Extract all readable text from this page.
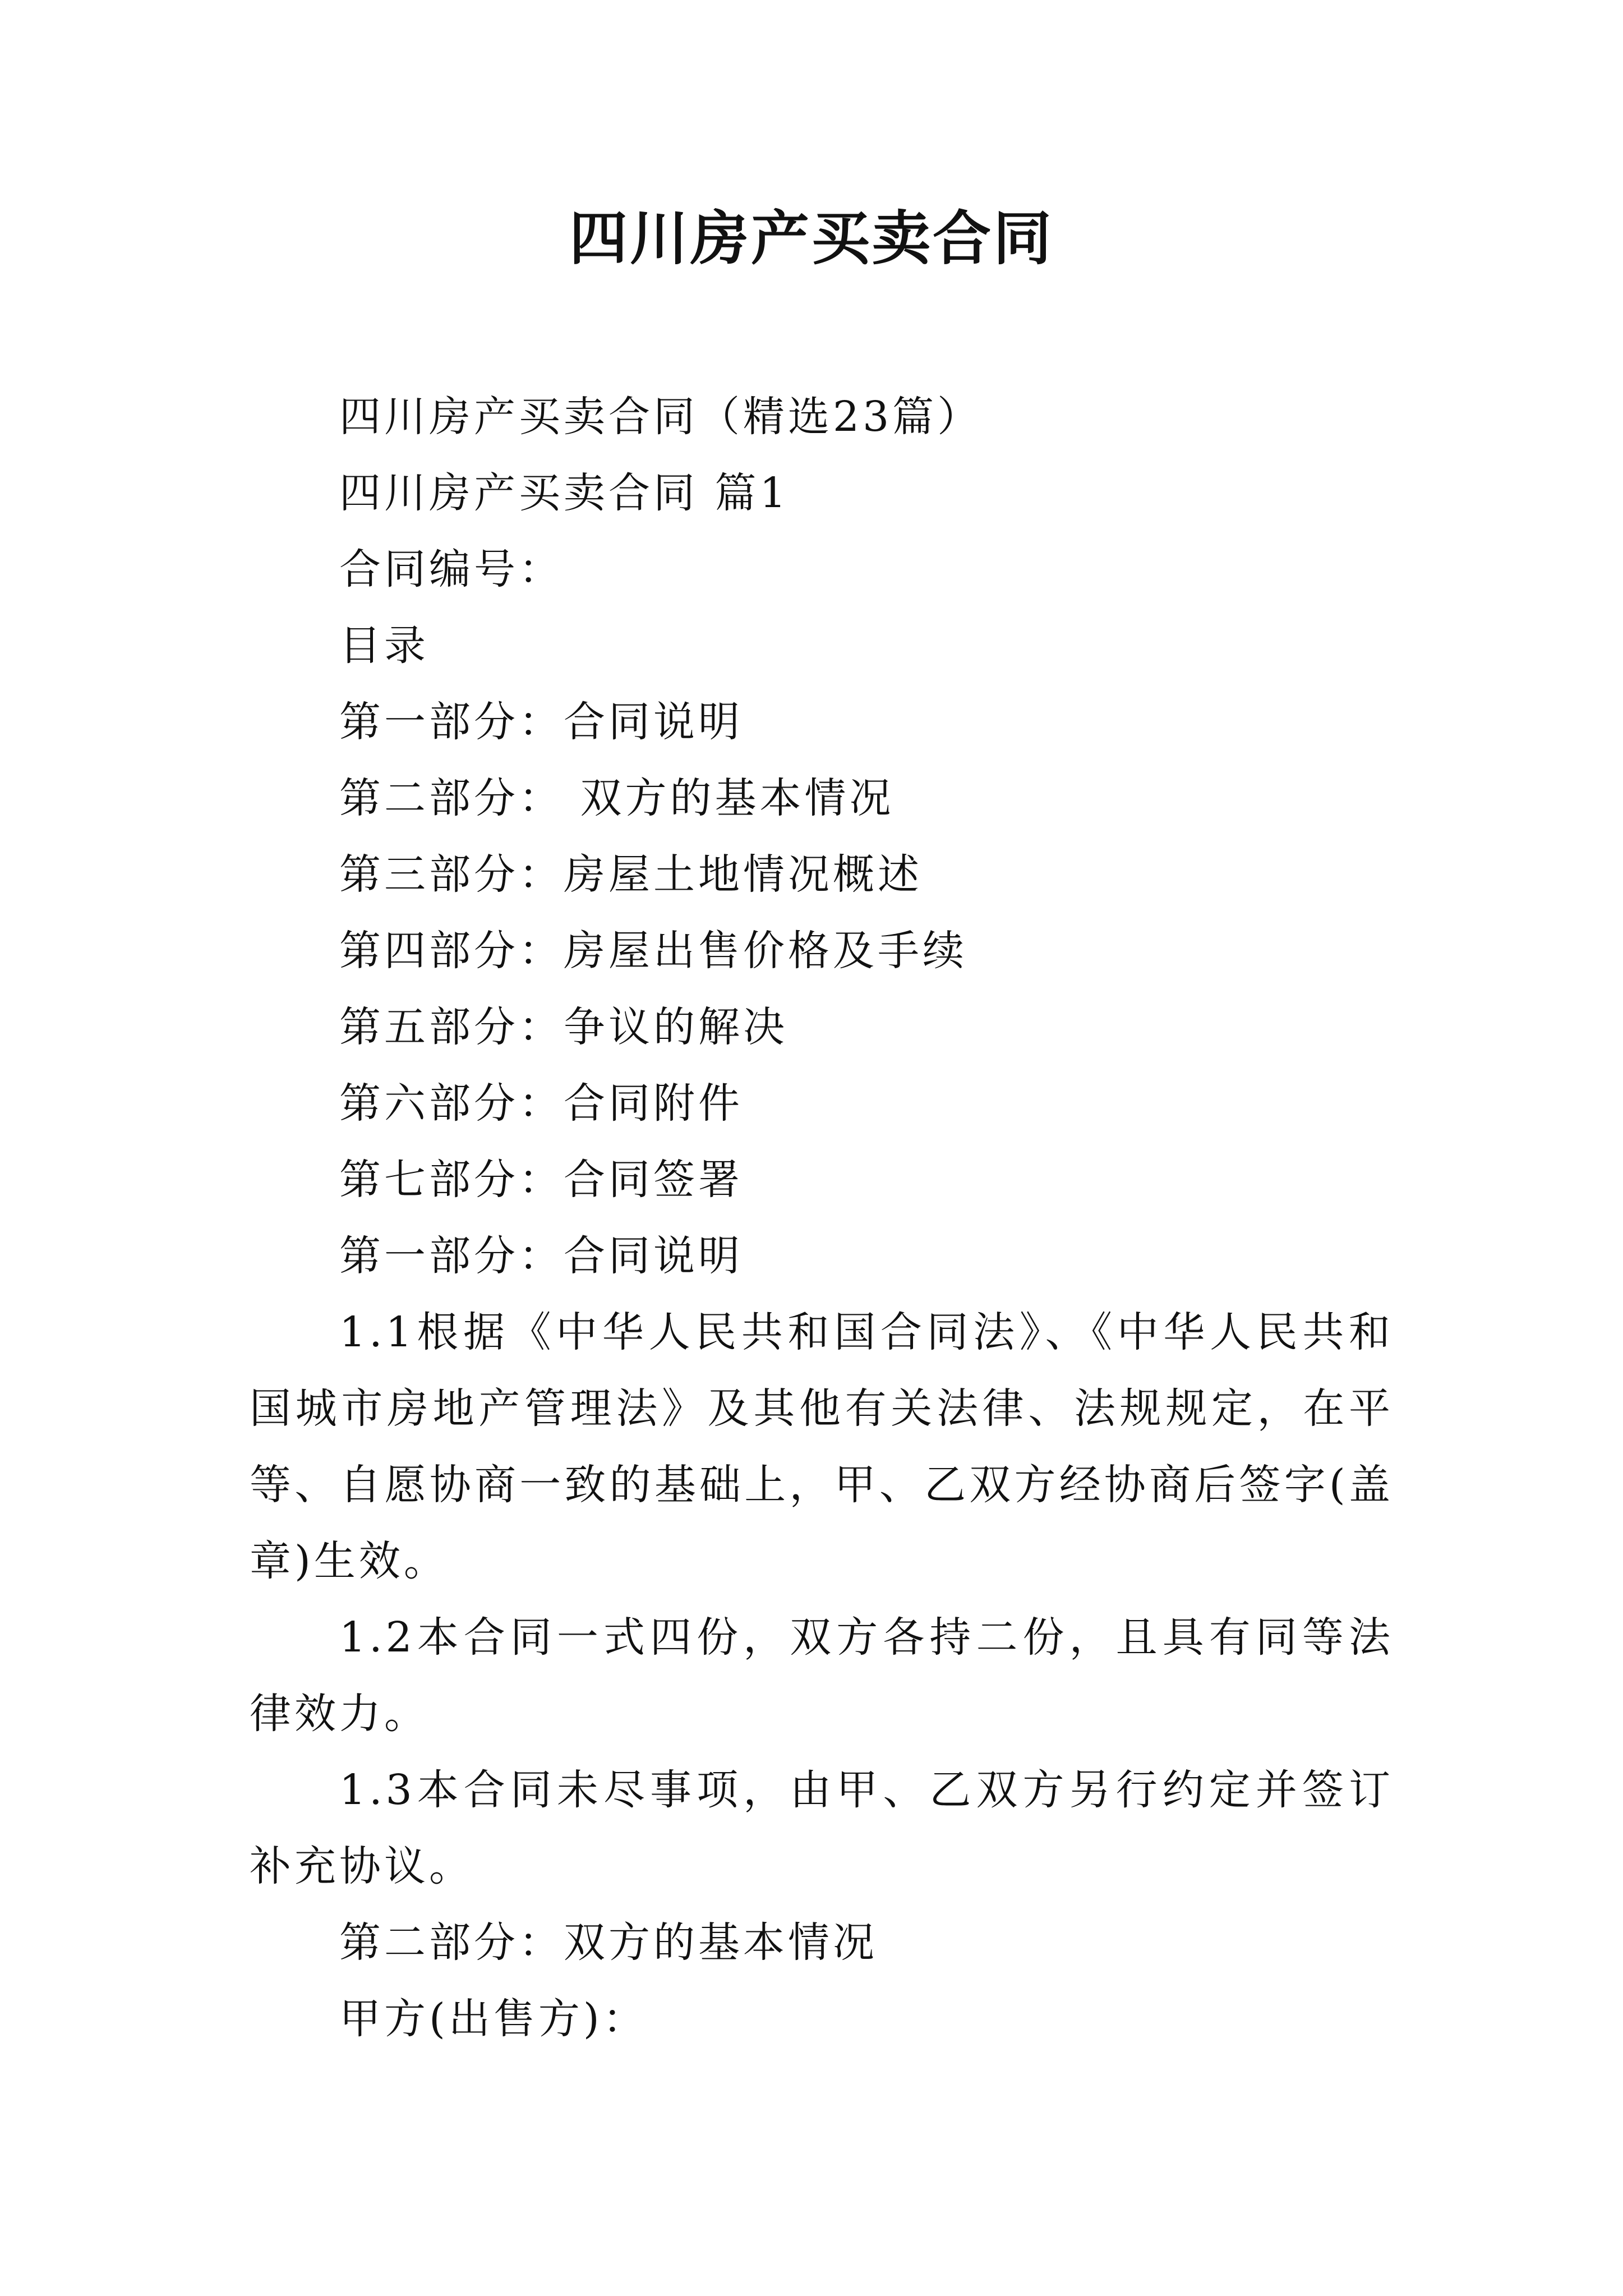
四川房产买卖合同
四川房产买卖合同（精选23篇）
四川房产买卖合同 篇1
合同编号：
目录
第一部分：合同说明
第二部分： 双方的基本情况
第三部分：房屋土地情况概述
第四部分：房屋出售价格及手续
第五部分：争议的解决
第六部分：合同附件
第七部分：合同签署
第一部分：合同说明
1.1根据《中华人民共和国合同法》、《中华人民共和国城市房地产管理法》及其他有关法律、法规规定，在平等、自愿协商一致的基础上，甲、乙双方经协商后签字(盖章)生效。
1.2本合同一式四份，双方各持二份，且具有同等法律效力。
1.3本合同未尽事项，由甲、乙双方另行约定并签订补充协议。
第二部分：双方的基本情况
甲方(出售方)：
